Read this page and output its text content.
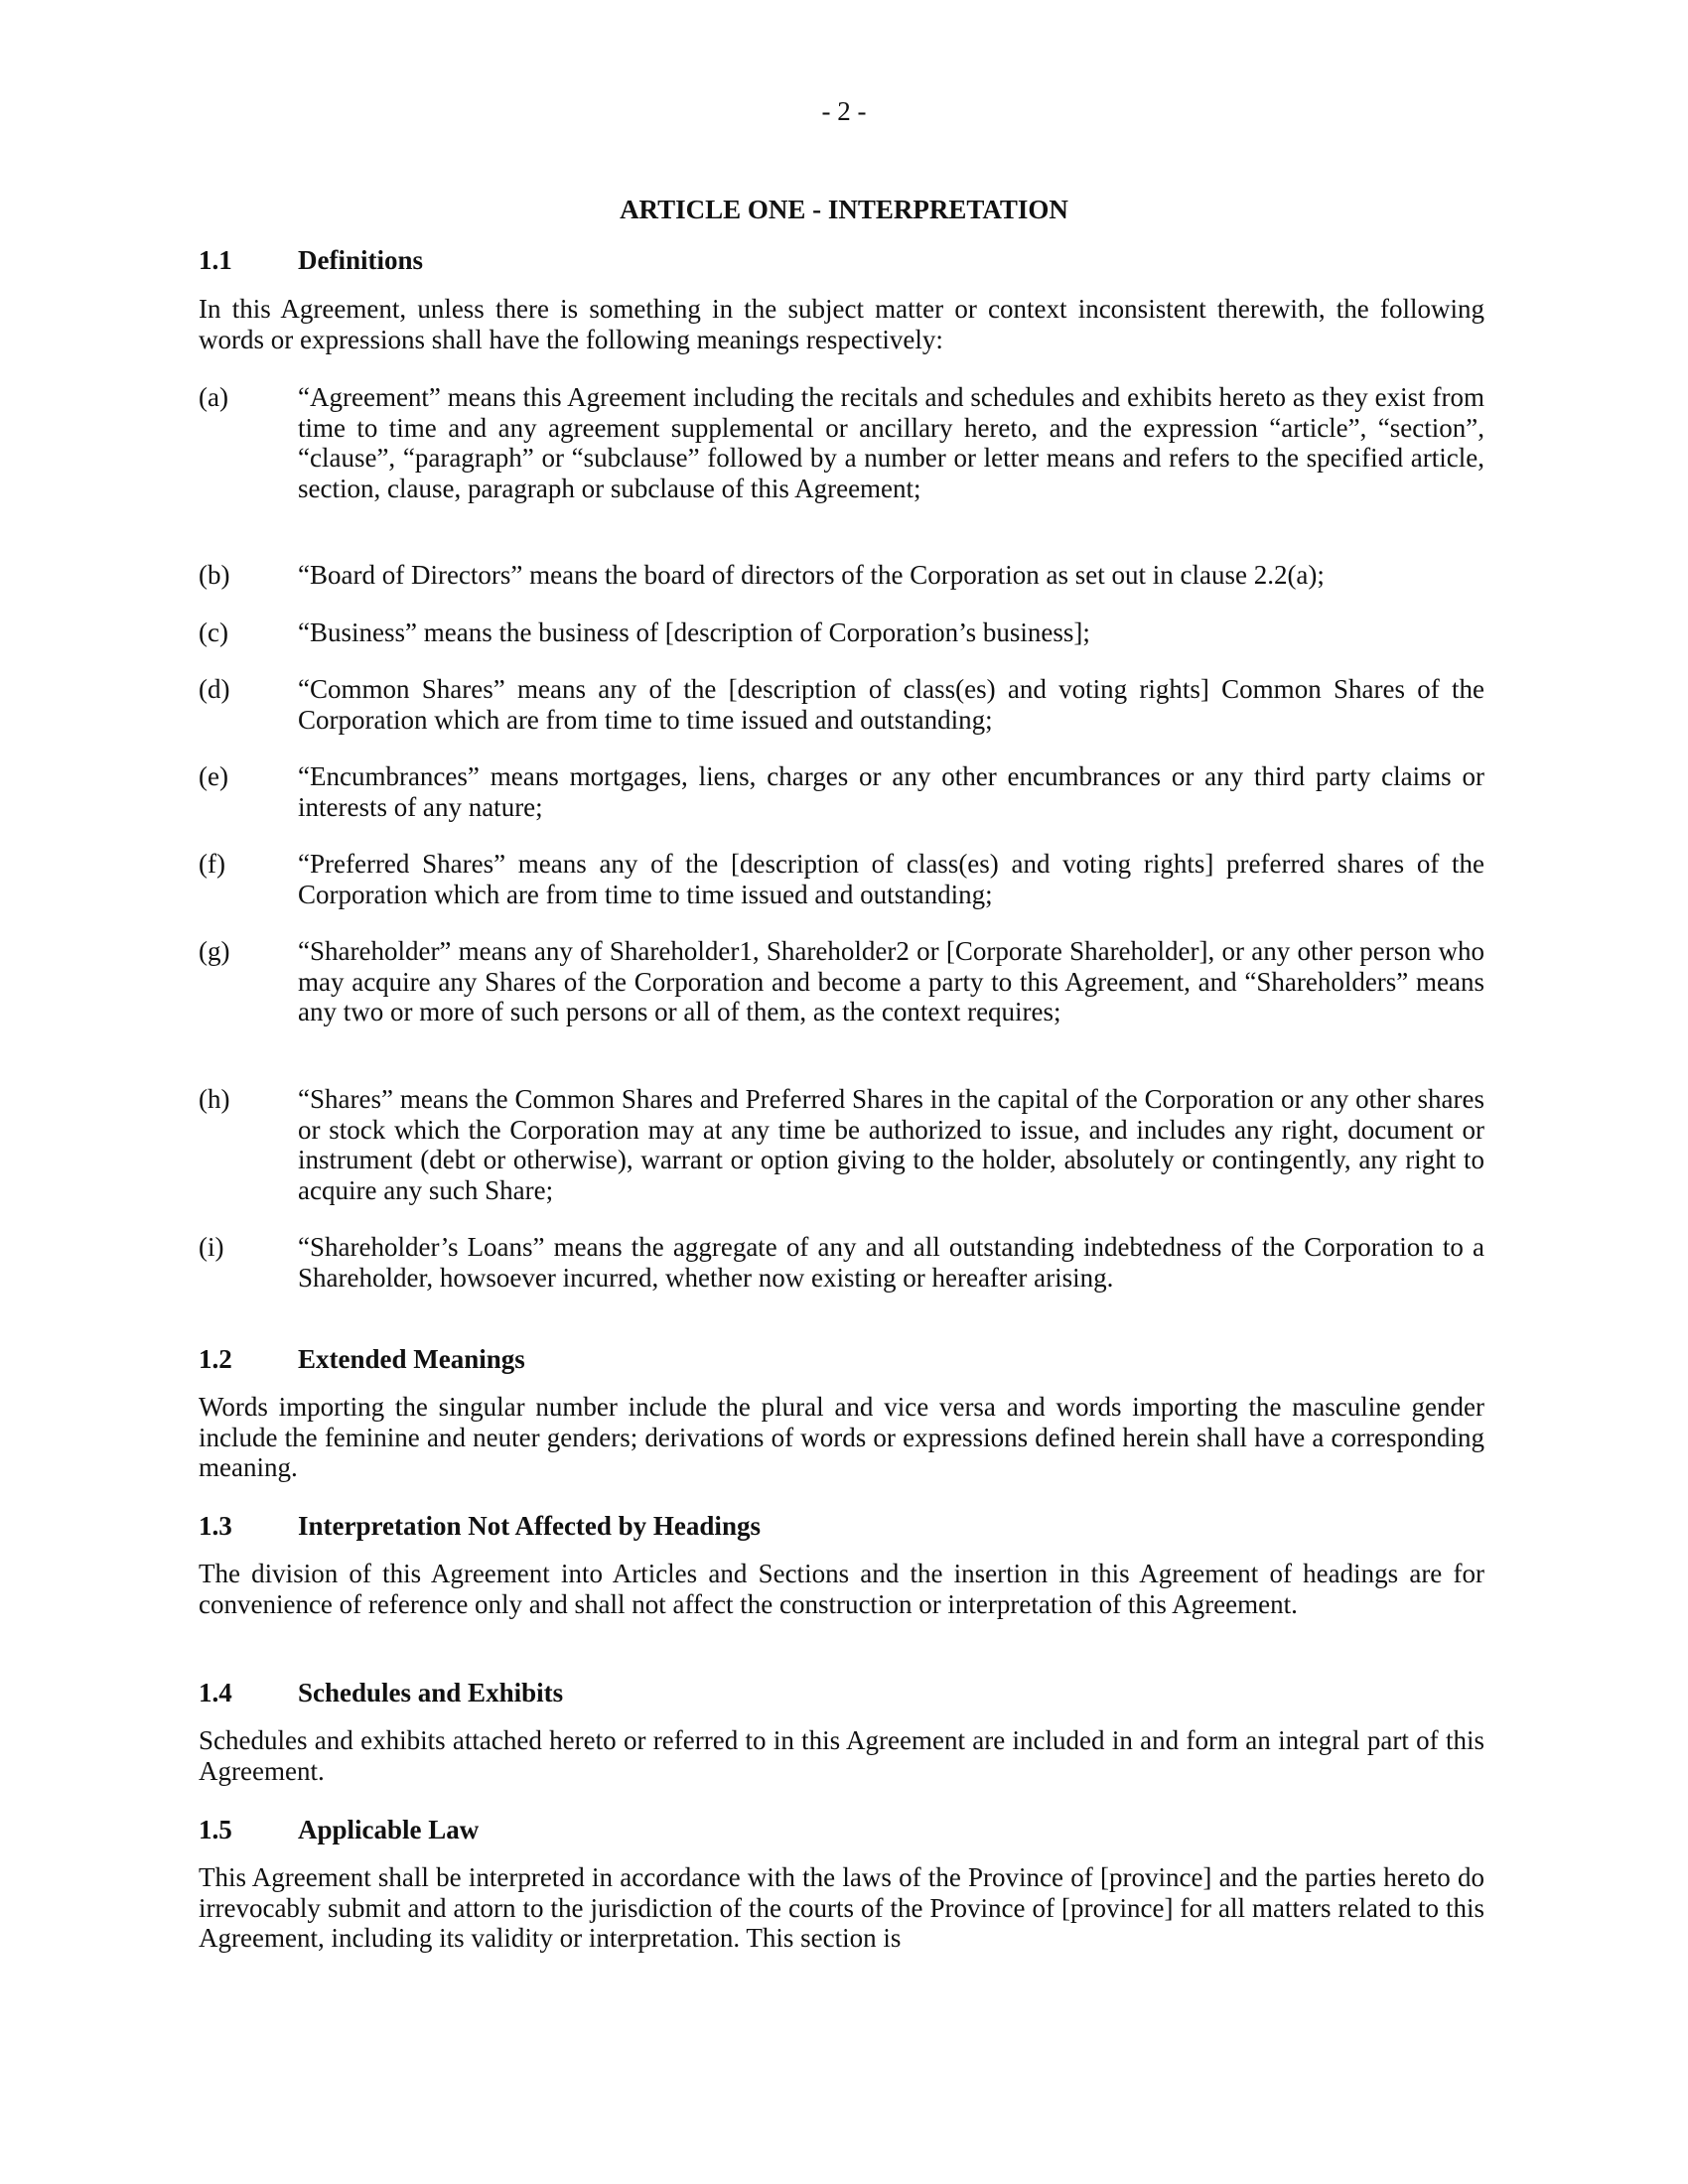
- 2 -
ARTICLE ONE - INTERPRETATION
1.1 Definitions

In this Agreement, unless there is something in the subject matter or context inconsistent therewith, the following words or expressions shall have the following meanings respectively:

(a)	“Agreement” means this Agreement including the recitals and schedules and exhibits hereto as they exist from time to time and any agreement supplemental or ancillary hereto, and the expression “article”, “section”, “clause”, “paragraph” or “subclause” followed by a number or letter means and refers to the specified article, section, clause, paragraph or subclause of this Agreement;
(b)	“Board of Directors” means the board of directors of the Corporation as set out in clause 2.2(a);
(c)	“Business” means the business of [description of Corporation’s business];
(d)	“Common Shares” means any of the [description of class(es) and voting rights] Common Shares of the Corporation which are from time to time issued and outstanding;
(e)	“Encumbrances” means mortgages, liens, charges or any other encumbrances or any third party claims or interests of any nature;
(f)	“Preferred Shares” means any of the [description of class(es) and voting rights] preferred shares of the Corporation which are from time to time issued and outstanding;
(g)	“Shareholder” means any of Shareholder1, Shareholder2 or [Corporate Shareholder], or any other person who may acquire any Shares of the Corporation and become a party to this Agreement, and “Shareholders” means any two or more of such persons or all of them, as the context requires;
(h)	“Shares” means the Common Shares and Preferred Shares in the capital of the Corporation or any other shares or stock which the Corporation may at any time be authorized to issue, and includes any right, document or instrument (debt or otherwise), warrant or option giving to the holder, absolutely or contingently, any right to acquire any such Share;
(i)	“Shareholder’s Loans” means the aggregate of any and all outstanding indebtedness of the Corporation to a Shareholder, howsoever incurred, whether now existing or hereafter arising.
1.2 Extended Meanings

Words importing the singular number include the plural and vice versa and words importing the masculine gender include the feminine and neuter genders; derivations of words or expressions defined herein shall have a corresponding meaning.

1.3 Interpretation Not Affected by Headings

The division of this Agreement into Articles and Sections and the insertion in this Agreement of headings are for convenience of reference only and shall not affect the construction or interpretation of this Agreement.

1.4 Schedules and Exhibits

Schedules and exhibits attached hereto or referred to in this Agreement are included in and form an integral part of this Agreement.

1.5 Applicable Law

This Agreement shall be interpreted in accordance with the laws of the Province of [province] and the parties hereto do irrevocably submit and attorn to the jurisdiction of the courts of the Province of [province] for all matters related to this Agreement, including its validity or interpretation. This section is
